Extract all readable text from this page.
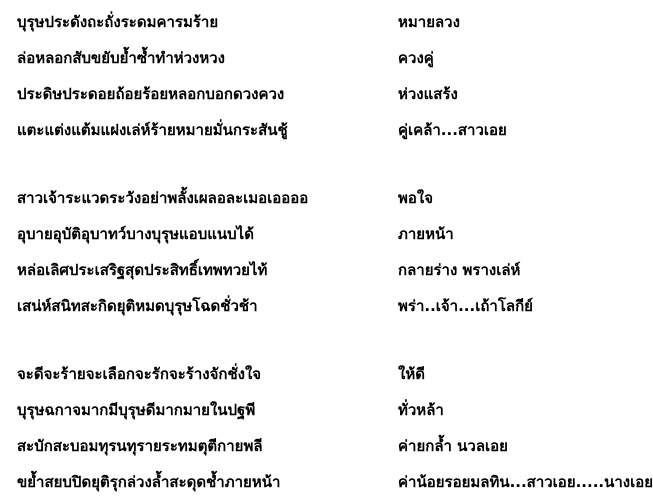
บุรุษประดังถะถั่งระดมคารมร้าย	หมายลวง
ล่อหลอกสับขยับย้ำซ้ำทำห่วงหวง	ควงคู่
ประดิษประดอยถ้อยร้อยหลอกบอกดวงควง	ห่วงแสร้ง
แตะแต่งแต้มแฝงเล่ห์ร้ายหมายมั่นกระสันชู้	คู่เคล้า...สาวเอย
สาวเจ้าระแวดระวังอย่าพลั้งเผลอละเมอเออออ	พอใจ
อุบายอุบัติอุบาทว์บางบุรุษแอบแนบได้	ภายหน้า
หล่อเลิศประเสริฐสุดประสิทธิ์เทพทวยไท้	กลายร่าง พรางเล่ห์
เสน่ห์สนิทสะกิดยุติหมดบุรุษโฉดชั่วช้า	พร่า..เจ้า...เถ้าโลกีย์
จะดีจะร้ายจะเลือกจะรักจะร้างจักชั่งใจ	ให้ดี
บุรุษฉกาจมากมีบุรุษดีมากมายในปฐพี	ทั่วหล้า
สะบักสะบอมทุรนทุรายระทมตุตีกายพลี	ค่ายกล้ำ นวลเอย
ขย้ำสยบปิดยุติรุกล่วงล้ำสะดุดช้ำภายหน้า	ค่าน้อยรอยมลทิน...สาวเอย.....นางเอย
